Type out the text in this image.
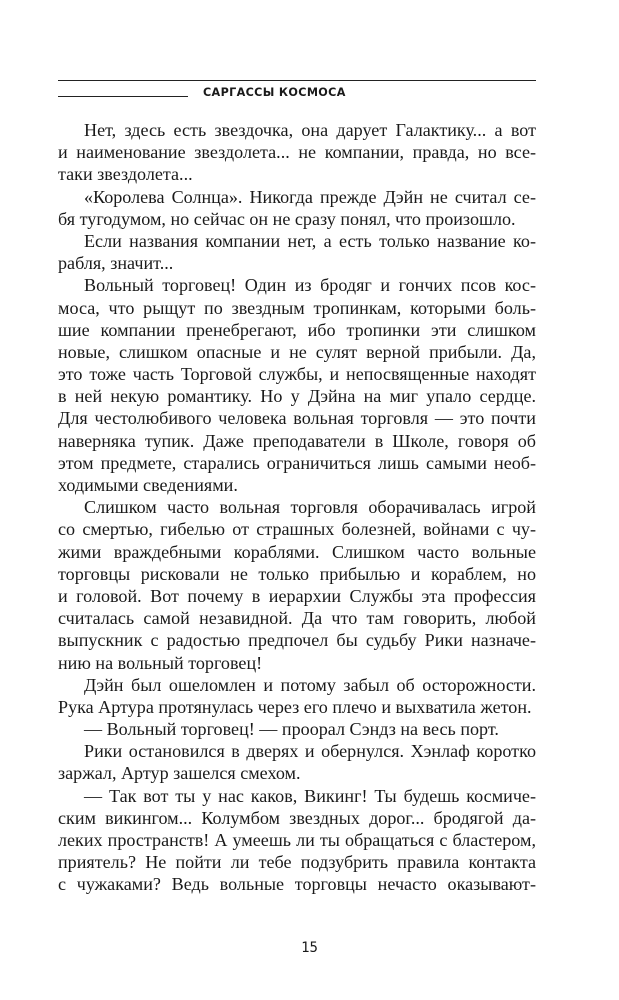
САРГАССЫ КОСМОСА
Нет, здесь есть звездочка, она дарует Галактику... а вот
и наименование звездолета... не компании, правда, но все-
таки звездолета...
«Королева Солнца». Никогда прежде Дэйн не считал се-
бя тугодумом, но сейчас он не сразу понял, что произошло.
Если названия компании нет, а есть только название ко-
рабля, значит...
Вольный торговец! Один из бродяг и гончих псов кос-
моса, что рыщут по звездным тропинкам, которыми боль-
шие компании пренебрегают, ибо тропинки эти слишком
новые, слишком опасные и не сулят верной прибыли. Да,
это тоже часть Торговой службы, и непосвященные находят
в ней некую романтику. Но у Дэйна на миг упало сердце.
Для честолюбивого человека вольная торговля — это почти
наверняка тупик. Даже преподаватели в Школе, говоря об
этом предмете, старались ограничиться лишь самыми необ-
ходимыми сведениями.
Слишком часто вольная торговля оборачивалась игрой
со смертью, гибелью от страшных болезней, войнами с чу-
жими враждебными кораблями. Слишком часто вольные
торговцы рисковали не только прибылью и кораблем, но
и головой. Вот почему в иерархии Службы эта профессия
считалась самой незавидной. Да что там говорить, любой
выпускник с радостью предпочел бы судьбу Рики назначе-
нию на вольный торговец!
Дэйн был ошеломлен и потому забыл об осторожности.
Рука Артура протянулась через его плечо и выхватила жетон.
— Вольный торговец! — проорал Сэндз на весь порт.
Рики остановился в дверях и обернулся. Хэнлаф коротко
заржал, Артур зашелся смехом.
— Так вот ты у нас каков, Викинг! Ты будешь космиче-
ским викингом... Колумбом звездных дорог... бродягой да-
леких пространств! А умеешь ли ты обращаться с бластером,
приятель? Не пойти ли тебе подзубрить правила контакта
с чужаками? Ведь вольные торговцы нечасто оказывают-
15
